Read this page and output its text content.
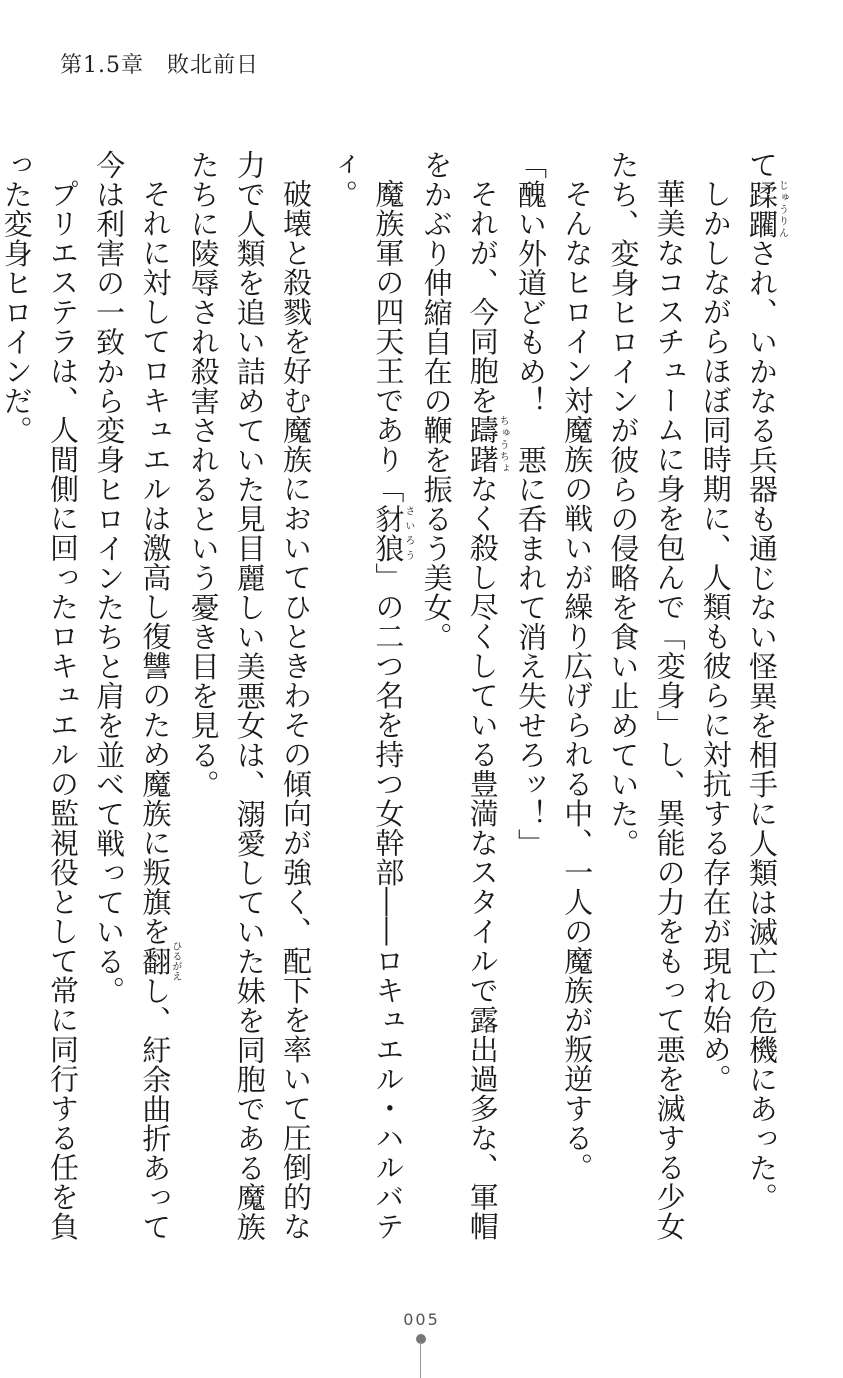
第1.5章　敗北前日

て蹂躙じゅうりんされ、いかなる兵器も通じない怪異を相手に人類は滅亡の危機にあった。

しかしながらほぼ同時期に、人類も彼らに対抗する存在が現れ始め。

華美なコスチュームに身を包んで「変身」し、異能の力をもって悪を滅する少女たち、変身ヒロインが彼らの侵略を食い止めていた。

そんなヒロイン対魔族の戦いが繰り広げられる中、一人の魔族が叛逆する。

「醜い外道どもめ！　悪に呑まれて消え失せろッ！」

それが、今同胞を躊躇ちゅうちょなく殺し尽くしている豊満なスタイルで露出過多な、軍帽をかぶり伸縮自在の鞭を振るう美女。

魔族軍の四天王であり「豺狼さいろう」の二つ名を持つ女幹部――ロキュエル・ハルバティ。

破壊と殺戮を好む魔族においてひときわその傾向が強く、配下を率いて圧倒的な力で人類を追い詰めていた見目麗しい美悪女は、溺愛していた妹を同胞である魔族たちに陵辱され殺害されるという憂き目を見る。

それに対してロキュエルは激高し復讐のため魔族に叛旗を翻ひるがえし、紆余曲折あって今は利害の一致から変身ヒロインたちと肩を並べて戦っている。

プリエステラは、人間側に回ったロキュエルの監視役として常に同行する任を負った変身ヒロインだ。

005
